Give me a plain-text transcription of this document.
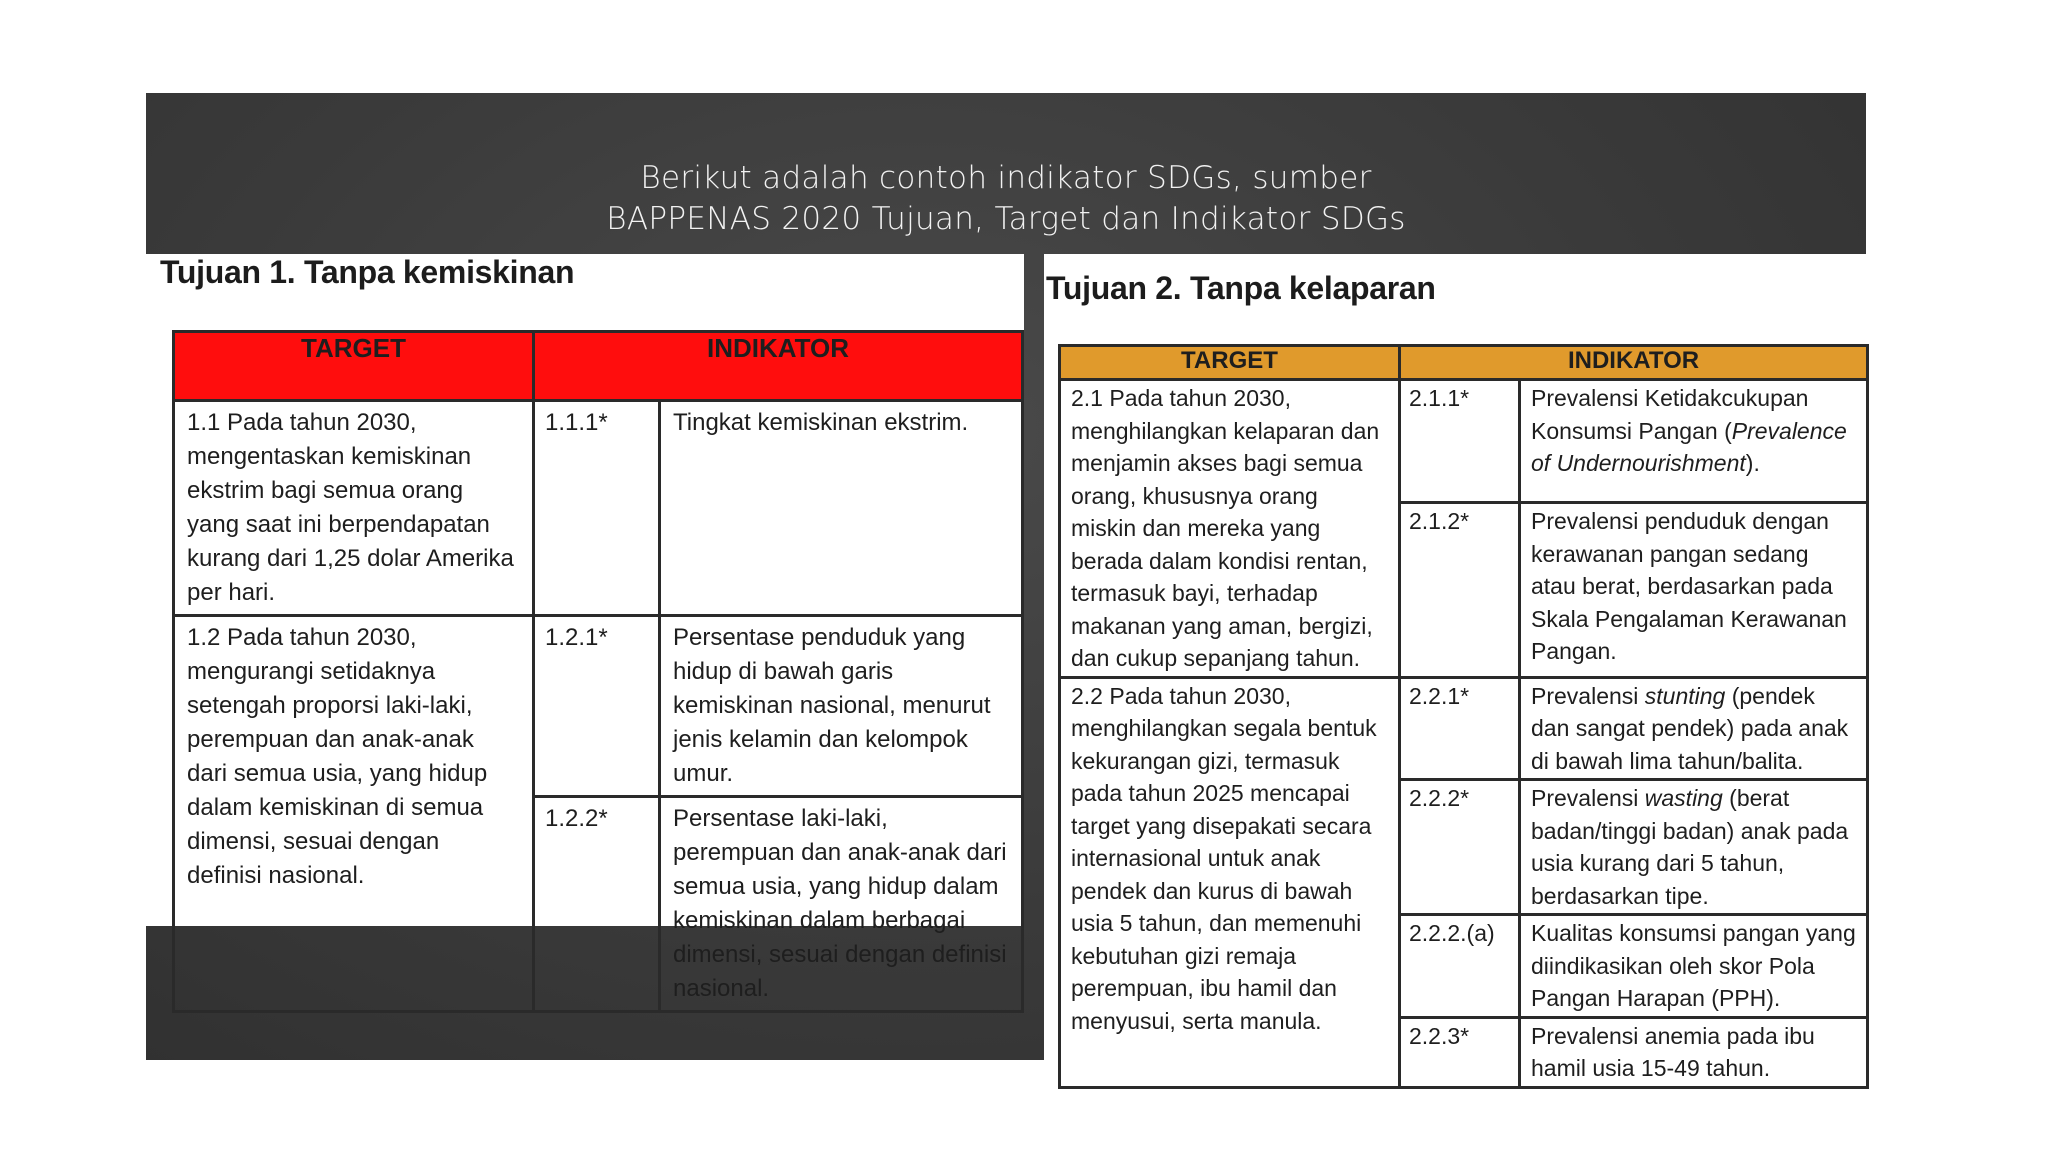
Berikut adalah contoh indikator SDGs, sumber
BAPPENAS 2020 Tujuan, Target dan Indikator SDGs
Tujuan 1. Tanpa kemiskinan
TARGET	INDIKATOR	
1.1 Pada tahun 2030, mengentaskan kemiskinan ekstrim bagi semua orang yang saat ini berpendapatan kurang dari 1,25 dolar Amerika per hari.	1.1.1*	Tingkat kemiskinan ekstrim.
1.2 Pada tahun 2030, mengurangi setidaknya setengah proporsi laki-laki, perempuan dan anak-anak dari semua usia, yang hidup dalam kemiskinan di semua dimensi, sesuai dengan definisi nasional.	1.2.1*	Persentase penduduk yang hidup di bawah garis kemiskinan nasional, menurut jenis kelamin dan kelompok umur.
	1.2.2*	Persentase laki-laki, perempuan dan anak-anak dari semua usia, yang hidup dalam kemiskinan dalam berbagai dimensi, sesuai dengan definisi nasional.
Tujuan 2. Tanpa kelaparan
TARGET	INDIKATOR	
2.1 Pada tahun 2030, menghilangkan kelaparan dan menjamin akses bagi semua orang, khususnya orang miskin dan mereka yang berada dalam kondisi rentan, termasuk bayi, terhadap makanan yang aman, bergizi, dan cukup sepanjang tahun.	2.1.1*	Prevalensi Ketidakcukupan Konsumsi Pangan (Prevalence of Undernourishment).
	2.1.2*	Prevalensi penduduk dengan kerawanan pangan sedang atau berat, berdasarkan pada Skala Pengalaman Kerawanan Pangan.
2.2 Pada tahun 2030, menghilangkan segala bentuk kekurangan gizi, termasuk pada tahun 2025 mencapai target yang disepakati secara internasional untuk anak pendek dan kurus di bawah usia 5 tahun, dan memenuhi kebutuhan gizi remaja perempuan, ibu hamil dan menyusui, serta manula.	2.2.1*	Prevalensi stunting (pendek dan sangat pendek) pada anak di bawah lima tahun/balita.
	2.2.2*	Prevalensi wasting (berat badan/tinggi badan) anak pada usia kurang dari 5 tahun, berdasarkan tipe.
	2.2.2.(a)	Kualitas konsumsi pangan yang diindikasikan oleh skor Pola Pangan Harapan (PPH).
	2.2.3*	Prevalensi anemia pada ibu hamil usia 15-49 tahun.
